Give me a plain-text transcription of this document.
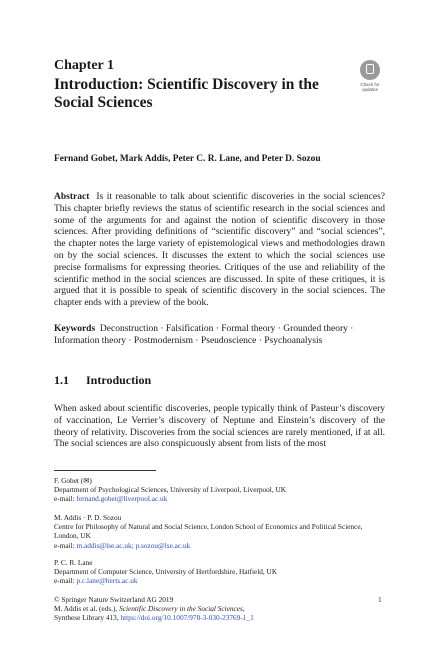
Chapter 1
Introduction: Scientific Discovery in the Social Sciences
Check for
updates
Fernand Gobet, Mark Addis, Peter C. R. Lane, and Peter D. Sozou
Abstract Is it reasonable to talk about scientific discoveries in the social sciences? This chapter briefly reviews the status of scientific research in the social sciences and some of the arguments for and against the notion of scientific discovery in those sciences. After providing definitions of “scientific discovery” and “social sciences”, the chapter notes the large variety of epistemological views and methodologies drawn on by the social sciences. It discusses the extent to which the social sciences use precise formalisms for expressing theories. Critiques of the use and reliability of the scientific method in the social sciences are discussed. In spite of these critiques, it is argued that it is possible to speak of scientific discovery in the social sciences. The chapter ends with a preview of the book.
Keywords Deconstruction · Falsification · Formal theory · Grounded theory · Information theory · Postmodernism · Pseudoscience · Psychoanalysis
1.1 Introduction
When asked about scientific discoveries, people typically think of Pasteur’s discovery of vaccination, Le Verrier’s discovery of Neptune and Einstein’s discovery of the theory of relativity. Discoveries from the social sciences are rarely mentioned, if at all. The social sciences are also conspicuously absent from lists of the most
F. Gobet (✉)
Department of Psychological Sciences, University of Liverpool, Liverpool, UK
e-mail: fernand.gobet@liverpool.ac.uk
M. Addis · P. D. Sozou
Centre for Philosophy of Natural and Social Science, London School of Economics and Political Science, London, UK
e-mail: m.addis@lse.ac.uk; p.sozou@lse.ac.uk
P. C. R. Lane
Department of Computer Science, University of Hertfordshire, Hatfield, UK
e-mail: p.c.lane@herts.ac.uk
© Springer Nature Switzerland AG 2019
M. Addis et al. (eds.), Scientific Discovery in the Social Sciences,
Synthese Library 413, https://doi.org/10.1007/978-3-030-23769-1_1
1
